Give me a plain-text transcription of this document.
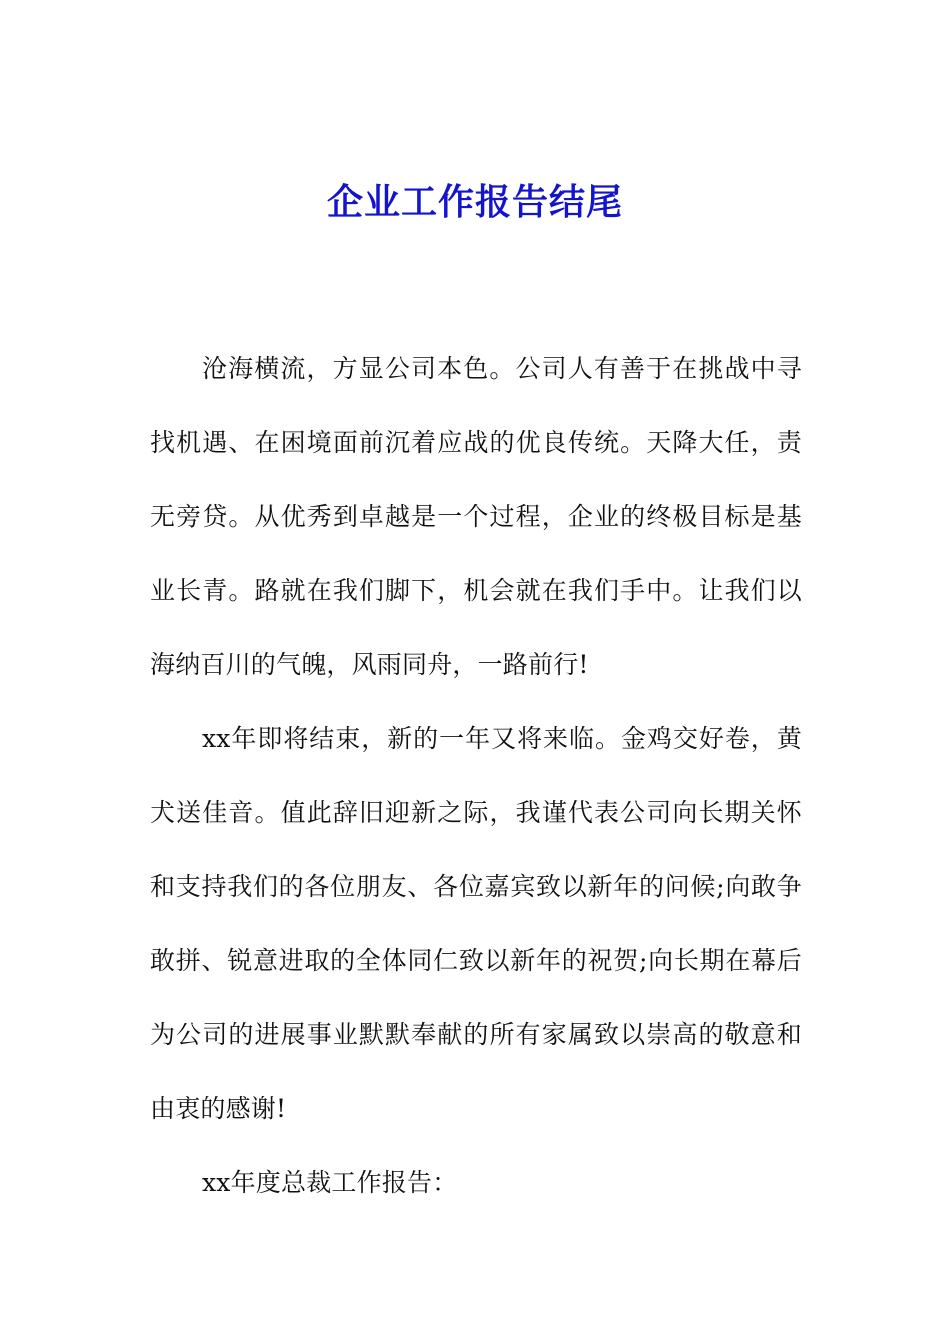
企业工作报告结尾

沧海横流，方显公司本色。公司人有善于在挑战中寻找机遇、在困境面前沉着应战的优良传统。天降大任，责无旁贷。从优秀到卓越是一个过程，企业的终极目标是基业长青。路就在我们脚下，机会就在我们手中。让我们以海纳百川的气魄，风雨同舟，一路前行!

xx年即将结束，新的一年又将来临。金鸡交好卷，黄犬送佳音。值此辞旧迎新之际，我谨代表公司向长期关怀和支持我们的各位朋友、各位嘉宾致以新年的问候;向敢争敢拼、锐意进取的全体同仁致以新年的祝贺;向长期在幕后为公司的进展事业默默奉献的所有家属致以崇高的敬意和由衷的感谢!

xx年度总裁工作报告：
